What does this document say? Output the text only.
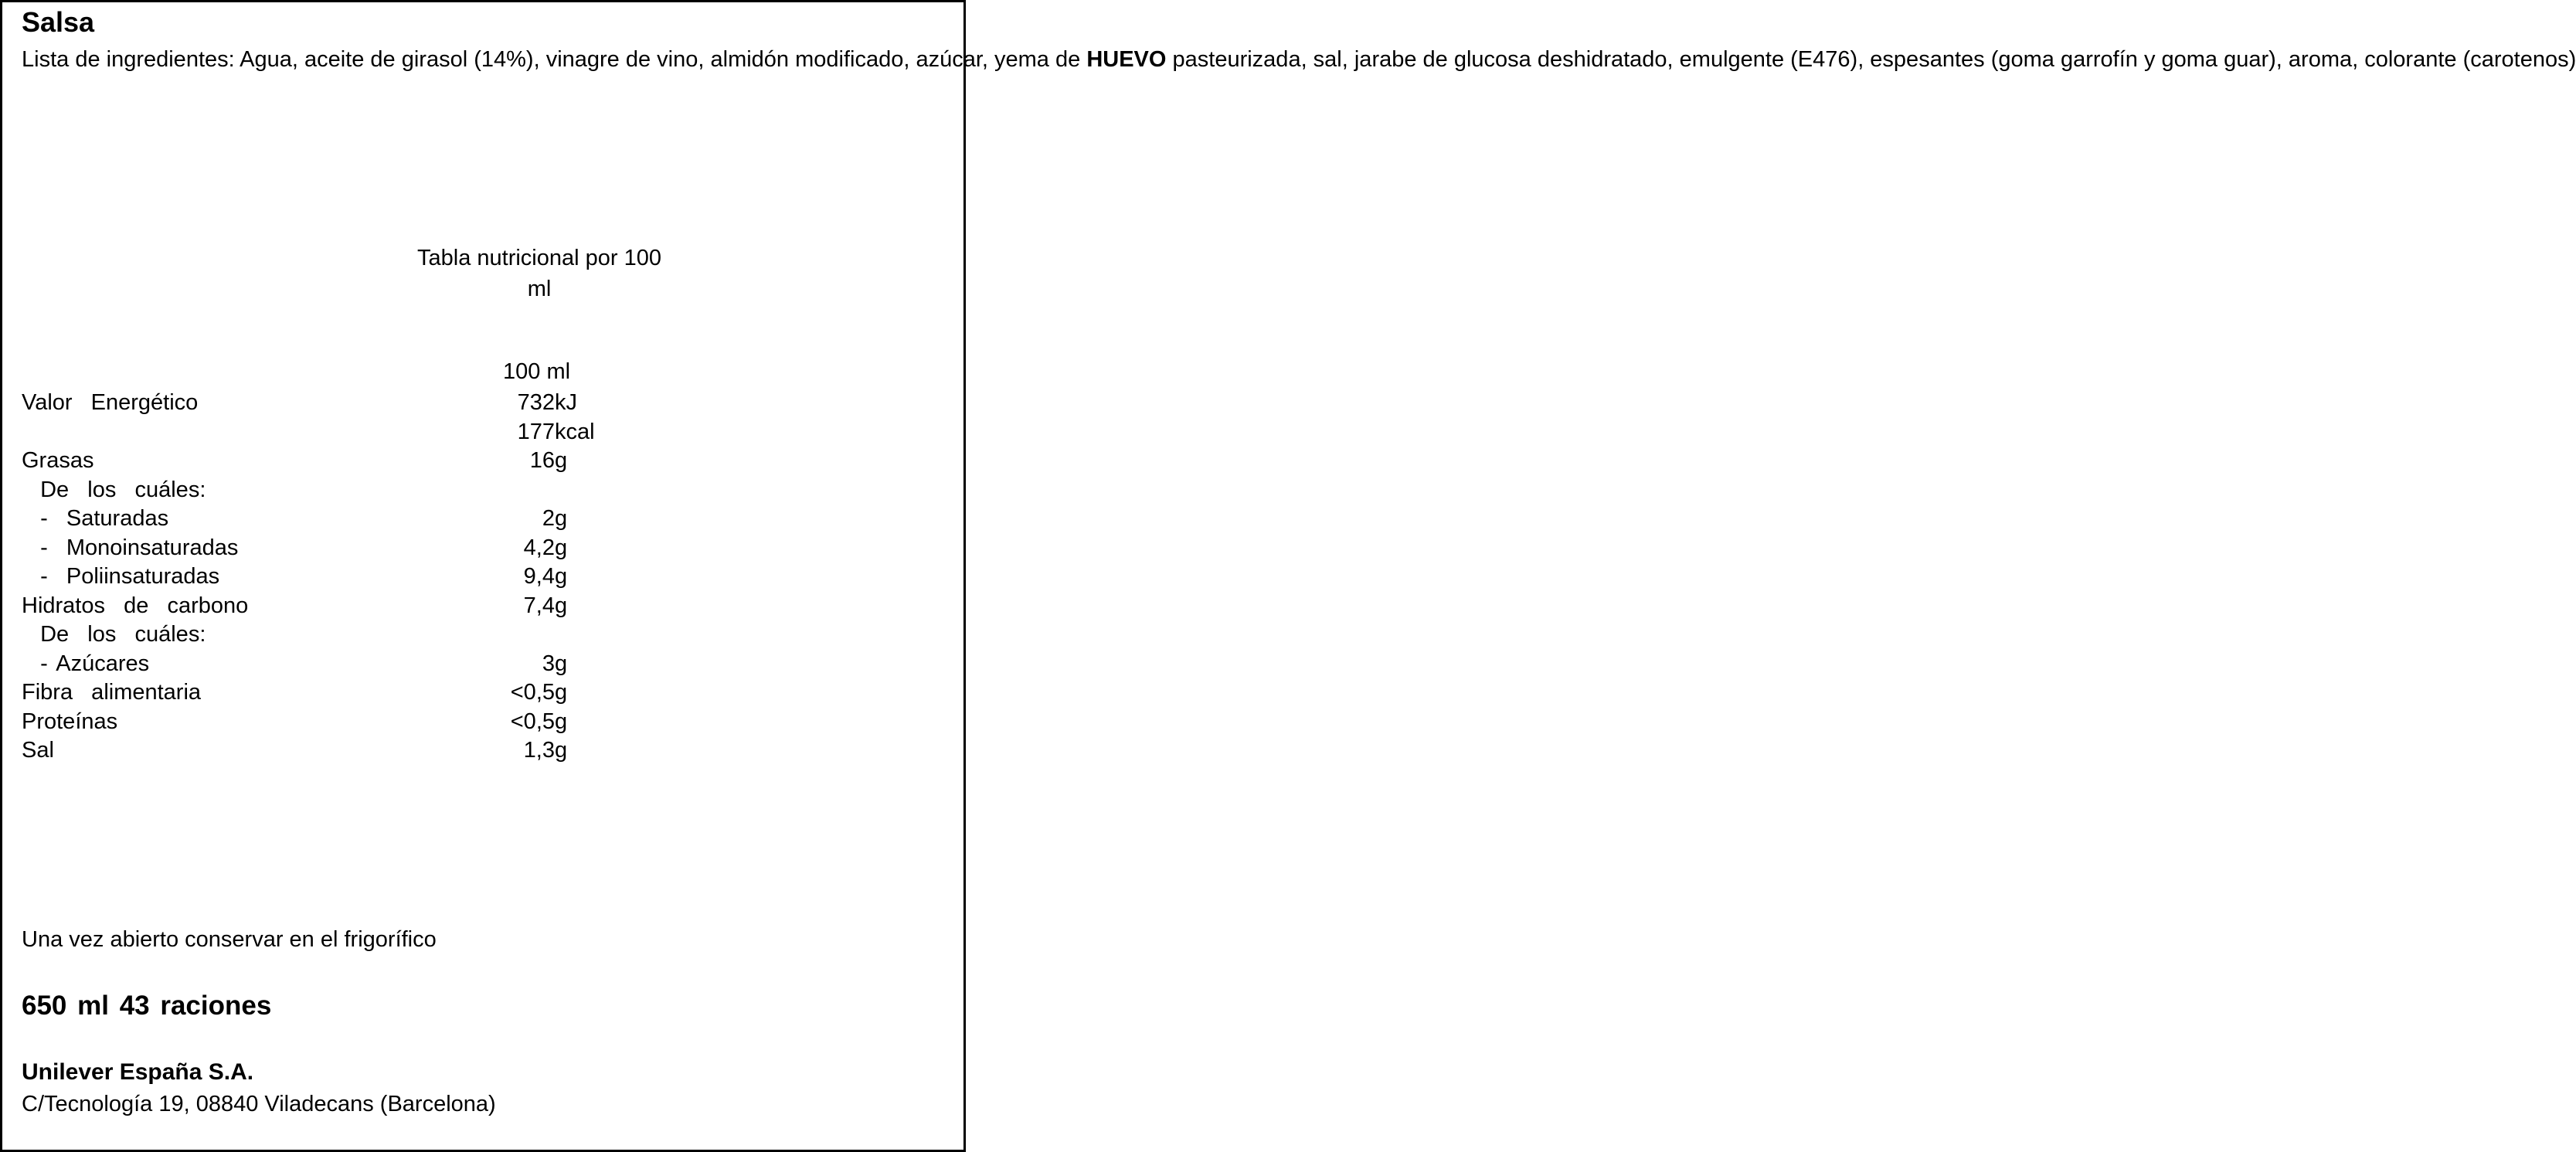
Salsa
Lista de ingredientes: Agua, aceite de girasol (14%), vinagre de vino, almidón modificado, azúcar, yema de HUEVO pasteurizada, sal, jarabe de glucosa deshidratado, emulgente (E476), espesantes (goma garrofín y goma guar), aroma, colorante (carotenos)
Tabla nutricional por 100
ml
100 ml
Valor  Energético	732 kJ
177 kcal
Grasas	16 g
De  los  cuáles:
-  Saturadas	2 g
-  Monoinsaturadas	4,2 g
-  Poliinsaturadas	9,4 g
Hidratos  de  carbono	7,4 g
De  los  cuáles:
- Azúcares	3 g
Fibra  alimentaria	<0,5 g
Proteínas	<0,5 g
Sal	1,3 g
Una vez abierto conservar en el frigorífico
650 ml 43 raciones
Unilever España S.A.
C/Tecnología 19, 08840 Viladecans (Barcelona)
